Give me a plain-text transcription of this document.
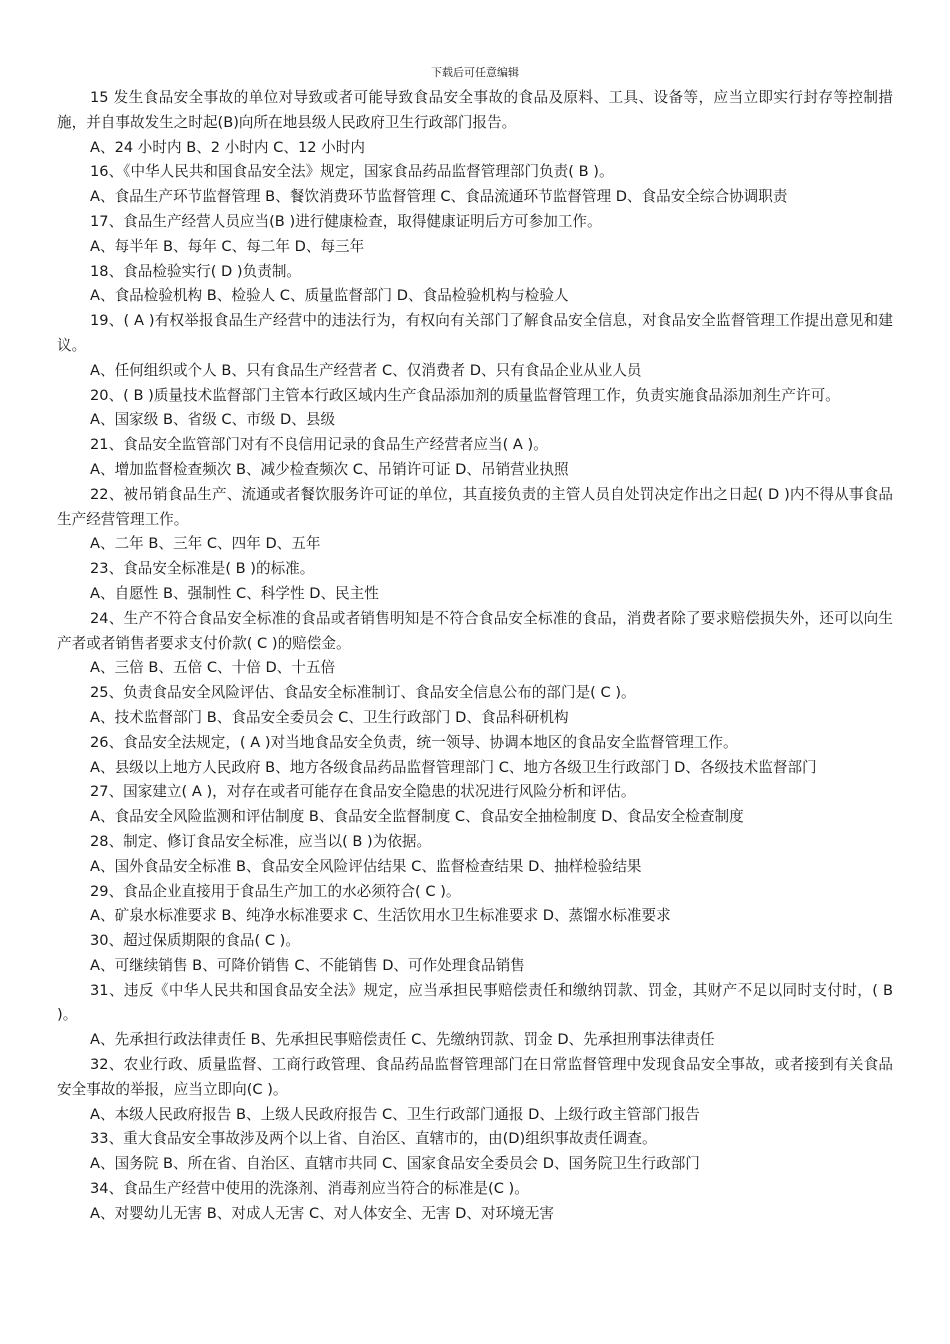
下载后可任意编辑
15 发生食品安全事故的单位对导致或者可能导致食品安全事故的食品及原料、工具、设备等，应当立即实行封存等控制措施，并自事故发生之时起(B)向所在地县级人民政府卫生行政部门报告。
A、24 小时内 B、2 小时内 C、12 小时内
16、《中华人民共和国食品安全法》规定，国家食品药品监督管理部门负责( B )。
A、食品生产环节监督管理 B、餐饮消费环节监督管理 C、食品流通环节监督管理 D、食品安全综合协调职责
17、食品生产经营人员应当(B )进行健康检查，取得健康证明后方可参加工作。
A、每半年 B、每年 C、每二年 D、每三年
18、食品检验实行( D )负责制。
A、食品检验机构 B、检验人 C、质量监督部门 D、食品检验机构与检验人
19、( A )有权举报食品生产经营中的违法行为，有权向有关部门了解食品安全信息，对食品安全监督管理工作提出意见和建议。
A、任何组织或个人 B、只有食品生产经营者 C、仅消费者 D、只有食品企业从业人员
20、( B )质量技术监督部门主管本行政区域内生产食品添加剂的质量监督管理工作，负责实施食品添加剂生产许可。
A、国家级 B、省级 C、市级 D、县级
21、食品安全监管部门对有不良信用记录的食品生产经营者应当( A )。
A、增加监督检查频次 B、减少检查频次 C、吊销许可证 D、吊销营业执照
22、被吊销食品生产、流通或者餐饮服务许可证的单位，其直接负责的主管人员自处罚决定作出之日起( D )内不得从事食品生产经营管理工作。
A、二年 B、三年 C、四年 D、五年
23、食品安全标准是( B )的标准。
A、自愿性 B、强制性 C、科学性 D、民主性
24、生产不符合食品安全标准的食品或者销售明知是不符合食品安全标准的食品，消费者除了要求赔偿损失外，还可以向生产者或者销售者要求支付价款( C )的赔偿金。
A、三倍 B、五倍 C、十倍 D、十五倍
25、负责食品安全风险评估、食品安全标准制订、食品安全信息公布的部门是( C )。
A、技术监督部门 B、食品安全委员会 C、卫生行政部门 D、食品科研机构
26、食品安全法规定，( A )对当地食品安全负责，统一领导、协调本地区的食品安全监督管理工作。
A、县级以上地方人民政府 B、地方各级食品药品监督管理部门 C、地方各级卫生行政部门 D、各级技术监督部门
27、国家建立( A )，对存在或者可能存在食品安全隐患的状况进行风险分析和评估。
A、食品安全风险监测和评估制度 B、食品安全监督制度 C、食品安全抽检制度 D、食品安全检查制度
28、制定、修订食品安全标准，应当以( B )为依据。
A、国外食品安全标准 B、食品安全风险评估结果 C、监督检查结果 D、抽样检验结果
29、食品企业直接用于食品生产加工的水必须符合( C )。
A、矿泉水标准要求 B、纯净水标准要求 C、生活饮用水卫生标准要求 D、蒸馏水标准要求
30、超过保质期限的食品( C )。
A、可继续销售 B、可降价销售 C、不能销售 D、可作处理食品销售
31、违反《中华人民共和国食品安全法》规定，应当承担民事赔偿责任和缴纳罚款、罚金，其财产不足以同时支付时，( B )。
A、先承担行政法律责任 B、先承担民事赔偿责任 C、先缴纳罚款、罚金 D、先承担刑事法律责任
32、农业行政、质量监督、工商行政管理、食品药品监督管理部门在日常监督管理中发现食品安全事故，或者接到有关食品安全事故的举报，应当立即向(C )。
A、本级人民政府报告 B、上级人民政府报告 C、卫生行政部门通报 D、上级行政主管部门报告
33、重大食品安全事故涉及两个以上省、自治区、直辖市的，由(D)组织事故责任调查。
A、国务院 B、所在省、自治区、直辖市共同 C、国家食品安全委员会 D、国务院卫生行政部门
34、食品生产经营中使用的洗涤剂、消毒剂应当符合的标准是(C )。
A、对婴幼儿无害 B、对成人无害 C、对人体安全、无害 D、对环境无害
